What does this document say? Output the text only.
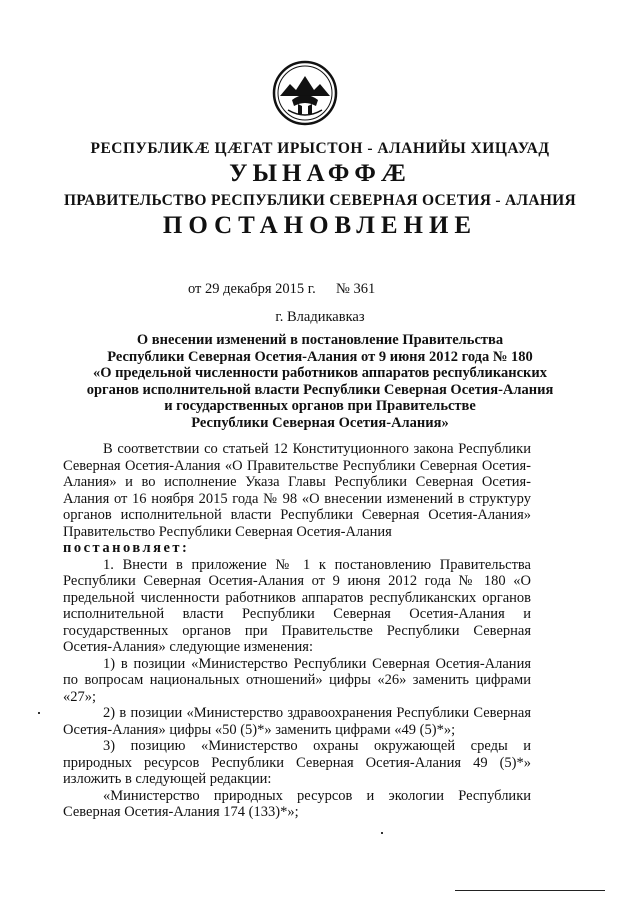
РЕСПУБЛИКӔ ЦӔГАТ ИРЫСТОН - АЛАНИЙЫ ХИЦАУАД
УЫНАФФӔ
ПРАВИТЕЛЬСТВО РЕСПУБЛИКИ СЕВЕРНАЯ ОСЕТИЯ - АЛАНИЯ
ПОСТАНОВЛЕНИЕ
от 29 декабря 2015 г. № 361
г. Владикавказ
О внесении изменений в постановление Правительства
Республики Северная Осетия-Алания от 9 июня 2012 года № 180
«О предельной численности работников аппаратов республиканских
органов исполнительной власти Республики Северная Осетия-Алания
и государственных органов при Правительстве
Республики Северная Осетия-Алания»

В соответствии со статьей 12 Конституционного закона Республики Северная Осетия-Алания «О Правительстве Республики Северная Осетия-Алания» и во исполнение Указа Главы Республики Северная Осетия-Алания от 16 ноября 2015 года № 98 «О внесении изменений в структуру органов исполнительной власти Республики Северная Осетия-Алания» Правительство Республики Северная Осетия-Алания

постановляет:

1. Внести в приложение № 1 к постановлению Правительства Республики Северная Осетия-Алания от 9 июня 2012 года № 180 «О предельной численности работников аппаратов республиканских органов исполнительной власти Республики Северная Осетия-Алания и государственных органов при Правительстве Республики Северная Осетия-Алания» следующие изменения:

1) в позиции «Министерство Республики Северная Осетия-Алания по вопросам национальных отношений» цифры «26» заменить цифрами «27»;

2) в позиции «Министерство здравоохранения Республики Северная Осетия-Алания» цифры «50 (5)*» заменить цифрами «49 (5)*»;

3) позицию «Министерство охраны окружающей среды и природных ресурсов Республики Северная Осетия-Алания 49 (5)*» изложить в следующей редакции:

«Министерство природных ресурсов и экологии Республики Северная Осетия-Алания 174 (133)*»;
